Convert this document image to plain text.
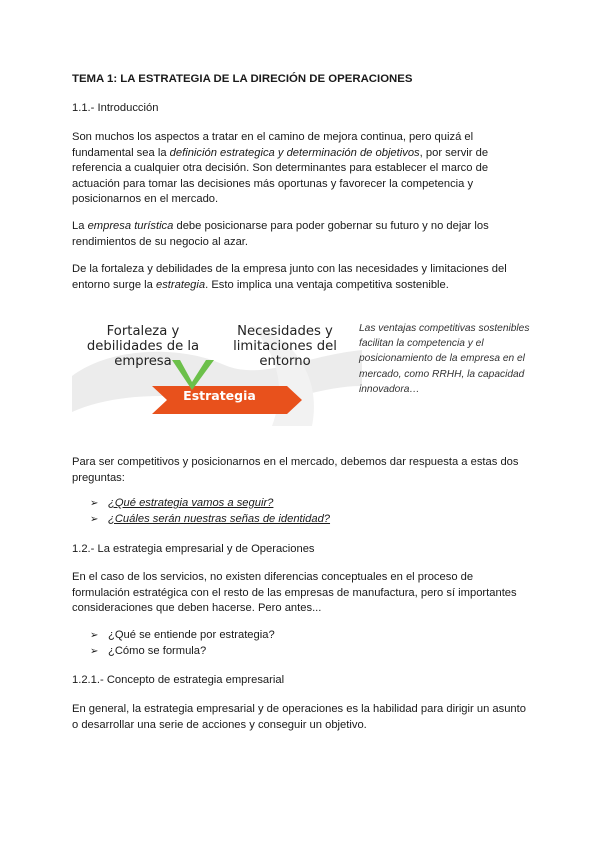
TEMA 1: LA ESTRATEGIA DE LA DIRECIÓN DE OPERACIONES

1.1.- Introducción

Son muchos los aspectos a tratar en el camino de mejora continua, pero quizá el fundamental sea la definición estrategica y determinación de objetivos, por servir de referencia a cualquier otra decisión. Son determinantes para establecer el marco de actuación para tomar las decisiones más oportunas y favorecer la competencia y posicionarnos en el mercado.

La empresa turística debe posicionarse para poder gobernar su futuro y no dejar los rendimientos de su negocio al azar.

De la fortaleza y debilidades de la empresa junto con las necesidades y limitaciones del entorno surge la estrategia. Esto implica una ventaja competitiva sostenible.

Fortaleza y debilidades de la empresa
Necesidades y limitaciones del entorno
Estrategia

Las ventajas competitivas sostenibles facilitan la competencia y el posicionamiento de la empresa en el mercado, como RRHH, la capacidad innovadora…

Para ser competitivos y posicionarnos en el mercado, debemos dar respuesta a estas dos preguntas:

➢ ¿Qué estrategia vamos a seguir?
➢ ¿Cuáles serán nuestras señas de identidad?

1.2.- La estrategia empresarial y de Operaciones

En el caso de los servicios, no existen diferencias conceptuales en el proceso de formulación estratégica con el resto de las empresas de manufactura, pero sí importantes consideraciones que deben hacerse. Pero antes...

➢ ¿Qué se entiende por estrategia?
➢ ¿Cómo se formula?

1.2.1.- Concepto de estrategia empresarial

En general, la estrategia empresarial y de operaciones es la habilidad para dirigir un asunto o desarrollar una serie de acciones y conseguir un objetivo.
